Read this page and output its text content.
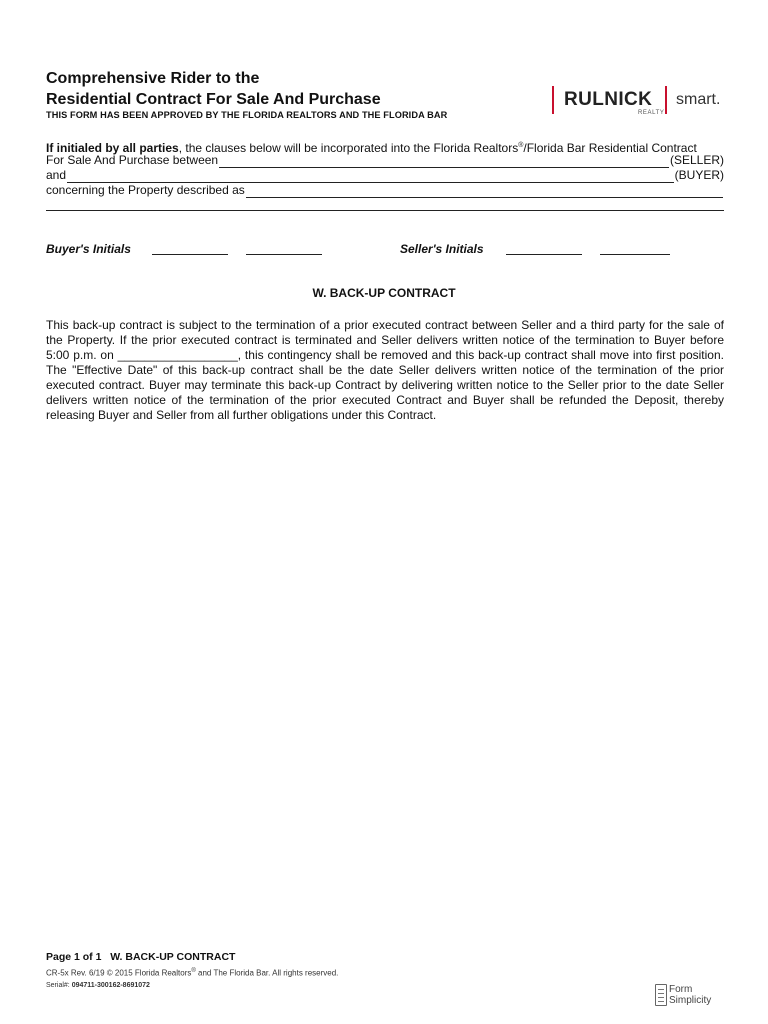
Comprehensive Rider to the
Residential Contract For Sale And Purchase
THIS FORM HAS BEEN APPROVED BY THE FLORIDA REALTORS AND THE FLORIDA BAR
RULNICK
REALTY
smart.
If initialed by all parties, the clauses below will be incorporated into the Florida Realtors®/Florida Bar Residential Contract
For Sale And Purchase between	(SELLER)
and	(BUYER)
concerning the Property described as
Buyer's Initials	Seller's Initials
W. BACK-UP CONTRACT
This back-up contract is subject to the termination of a prior executed contract between Seller and a third party for the sale of the Property. If the prior executed contract is terminated and Seller delivers written notice of the termination to Buyer before 5:00 p.m. on __________________, this contingency shall be removed and this back-up contract shall move into first position. The "Effective Date" of this back-up contract shall be the date Seller delivers written notice of the termination of the prior executed contract. Buyer may terminate this back-up Contract by delivering written notice to the Seller prior to the date Seller delivers written notice of the termination of the prior executed Contract and Buyer shall be refunded the Deposit, thereby releasing Buyer and Seller from all further obligations under this Contract.
Page 1 of 1 W. BACK-UP CONTRACT
CR-5x Rev. 6/19 © 2015 Florida Realtors® and The Florida Bar. All rights reserved.
Serial#: 094711-300162-8691072	Form
Simplicity
